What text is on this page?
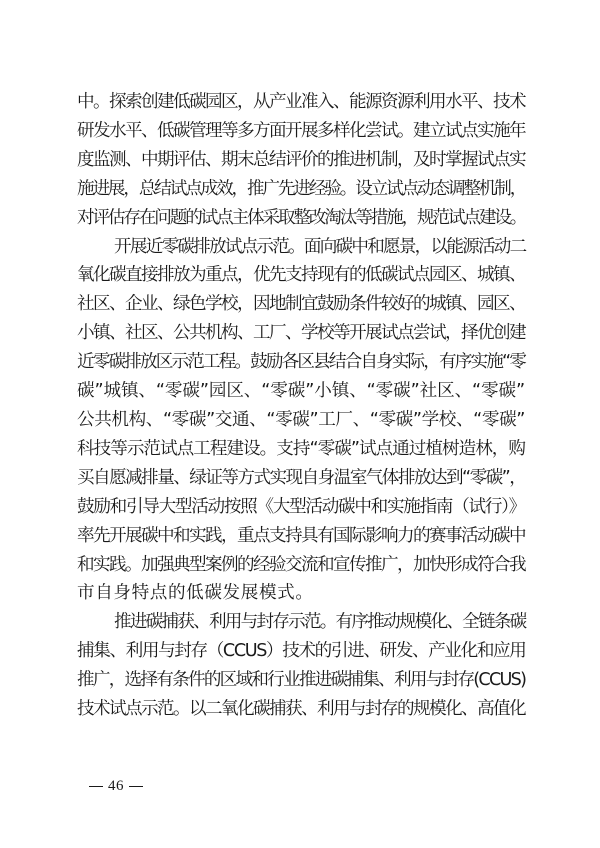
中。探索创建低碳园区，从产业准入、能源资源利用水平、技术
研发水平、低碳管理等多方面开展多样化尝试。建立试点实施年
度监测、中期评估、期末总结评价的推进机制，及时掌握试点实
施进展，总结试点成效，推广先进经验。设立试点动态调整机制，
对评估存在问题的试点主体采取整改淘汰等措施，规范试点建设。

开展近零碳排放试点示范。面向碳中和愿景，以能源活动二
氧化碳直接排放为重点，优先支持现有的低碳试点园区、城镇、
社区、企业、绿色学校，因地制宜鼓励条件较好的城镇、园区、
小镇、社区、公共机构、工厂、学校等开展试点尝试，择优创建
近零碳排放区示范工程。鼓励各区县结合自身实际，有序实施“零
碳”城镇、“零碳”园区、“零碳”小镇、“零碳”社区、“零碳”
公共机构、“零碳”交通、“零碳”工厂、“零碳”学校、“零碳”
科技等示范试点工程建设。支持“零碳”试点通过植树造林，购
买自愿减排量、绿证等方式实现自身温室气体排放达到“零碳”，
鼓励和引导大型活动按照《大型活动碳中和实施指南（试行）》
率先开展碳中和实践，重点支持具有国际影响力的赛事活动碳中
和实践。加强典型案例的经验交流和宣传推广，加快形成符合我
市自身特点的低碳发展模式。

推进碳捕获、利用与封存示范。有序推动规模化、全链条碳
捕集、利用与封存（CCUS）技术的引进、研发、产业化和应用
推广，选择有条件的区域和行业推进碳捕集、利用与封存(CCUS)
技术试点示范。以二氧化碳捕获、利用与封存的规模化、高值化

46
